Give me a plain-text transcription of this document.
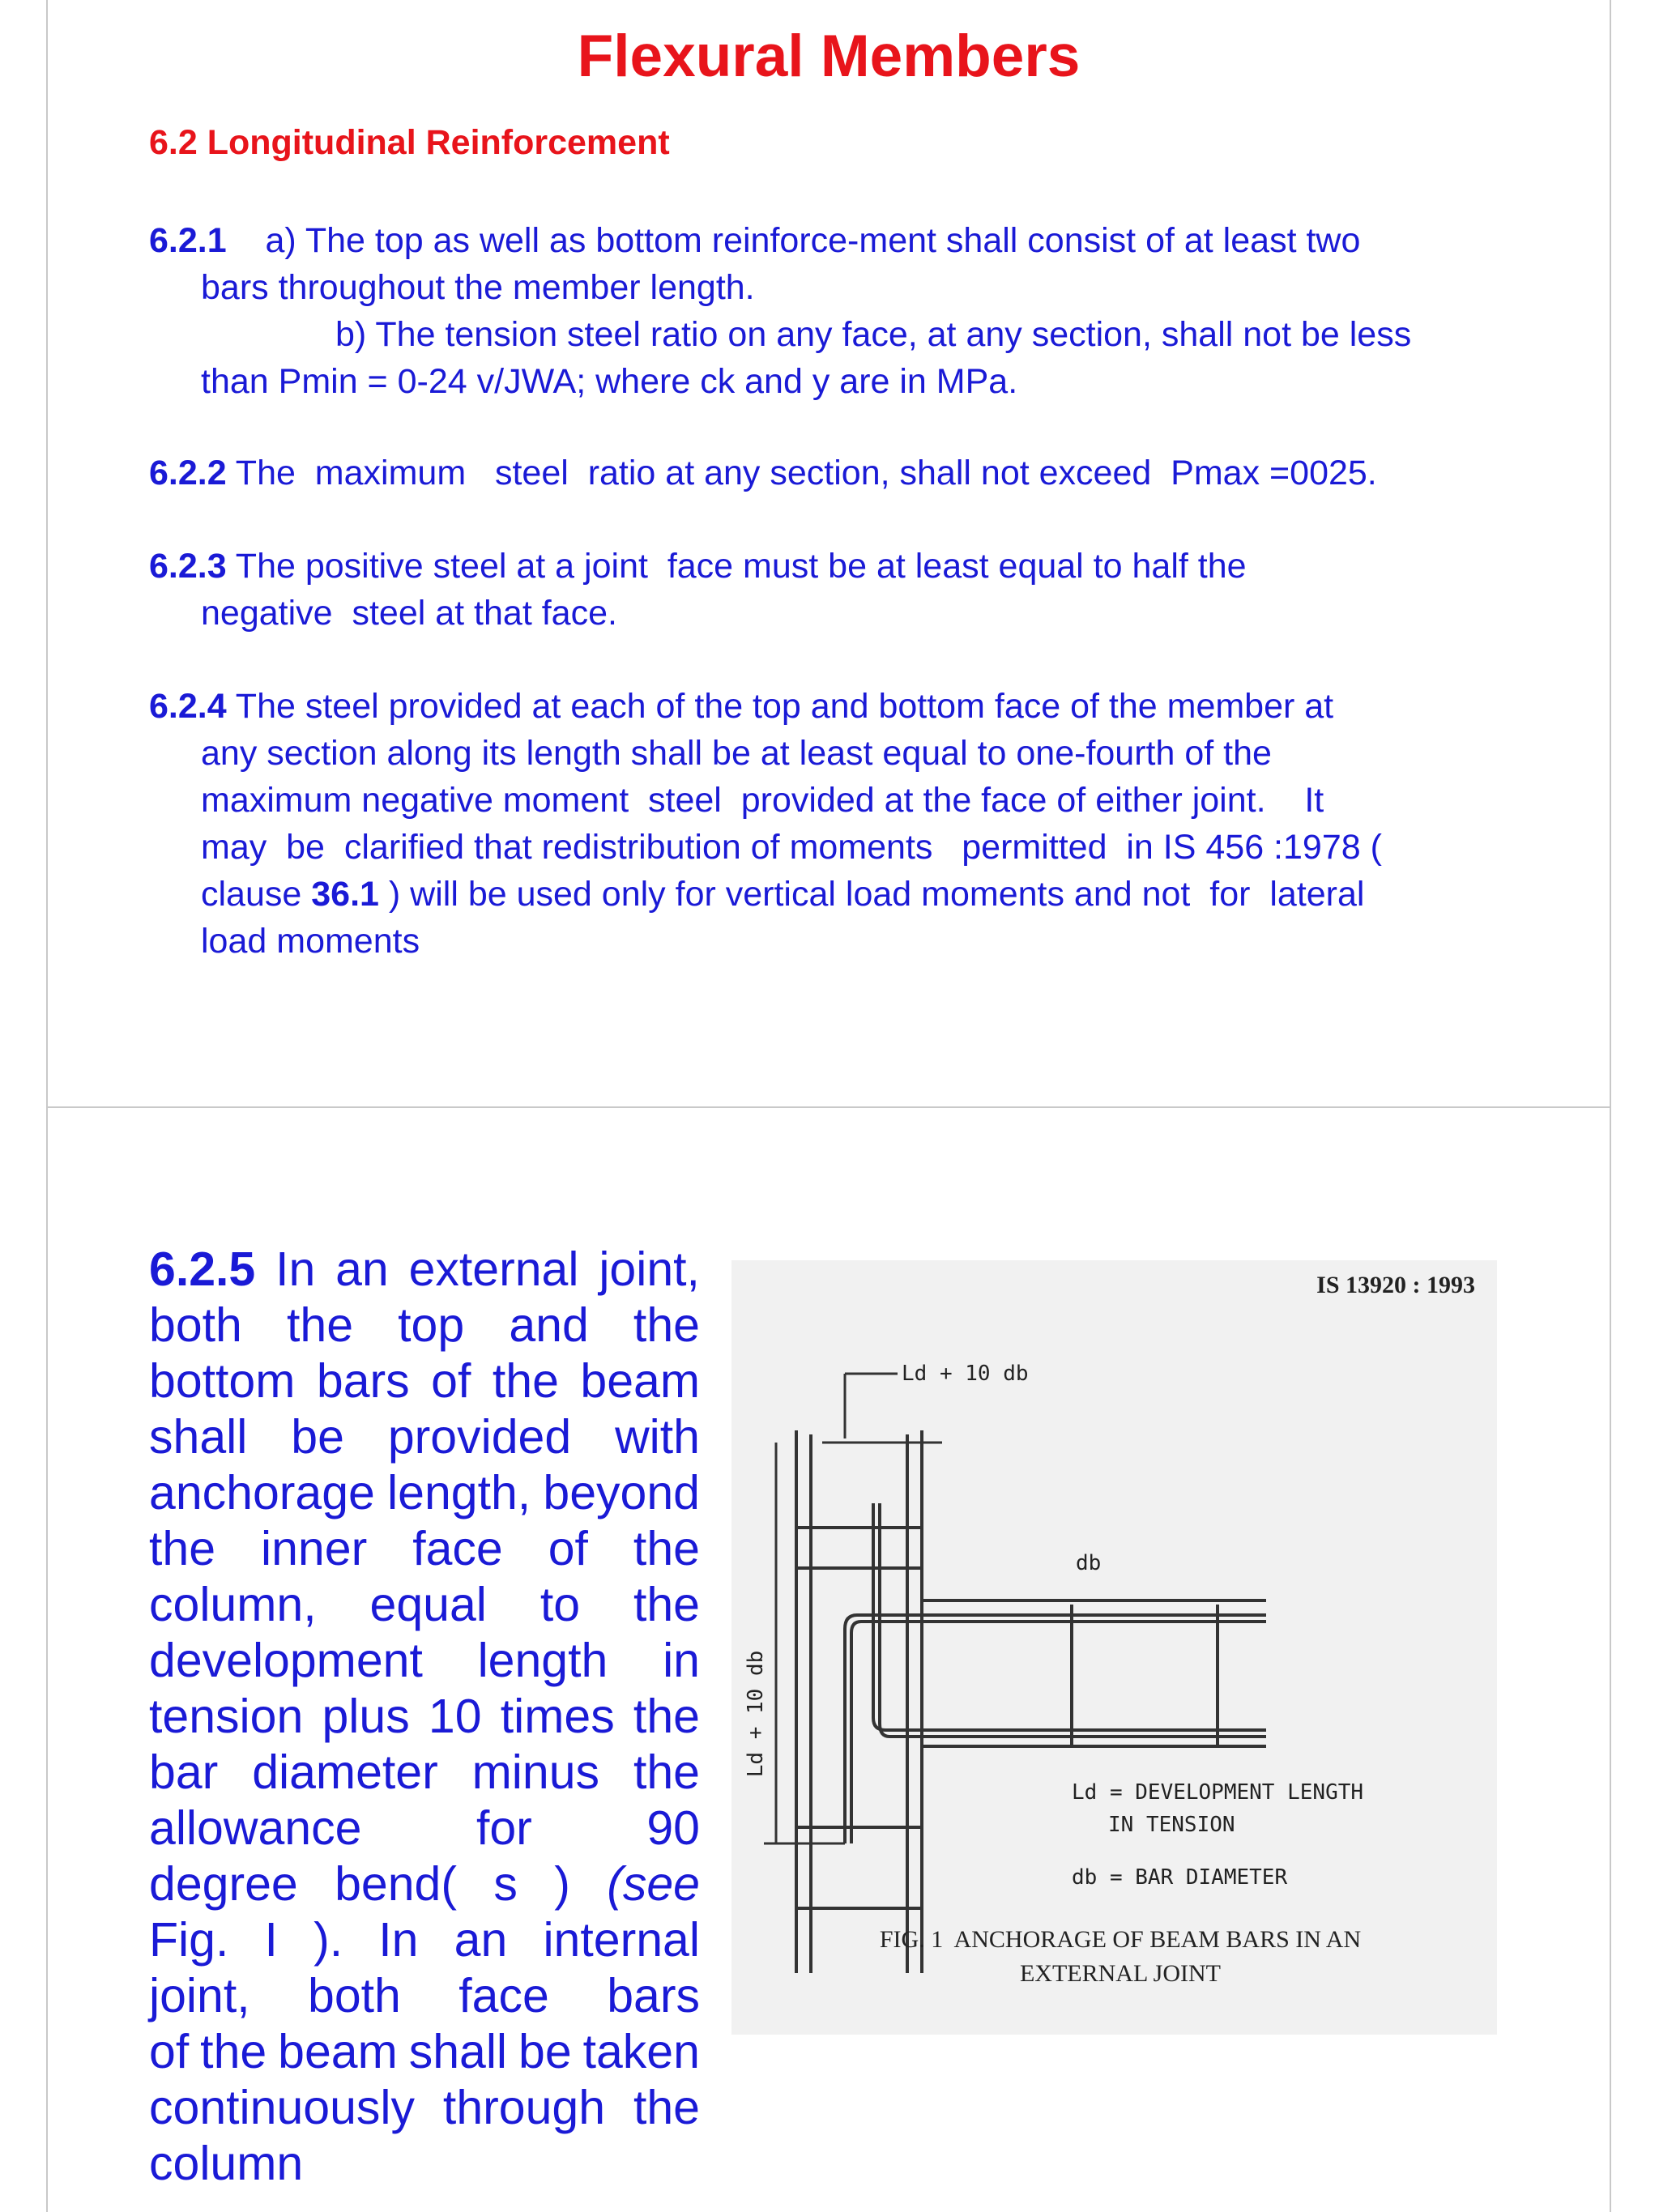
Flexural Members
6.2 Longitudinal Reinforcement

6.2.1 a) The top as well as bottom reinforce-ment shall consist of at least two
bars throughout the member length.
b) The tension steel ratio on any face, at any section, shall not be less
than Pmin = 0-24 v/JWA; where ck and y are in MPa.

6.2.2 The  maximum   steel  ratio at any section, shall not exceed  Pmax =0025.

6.2.3 The positive steel at a joint  face must be at least equal to half the
negative  steel at that face.

6.2.4 The steel provided at each of the top and bottom face of the member at
any section along its length shall be at least equal to one-fourth of the
maximum negative moment  steel  provided at the face of either joint.    It
may  be  clarified that redistribution of moments   permitted  in IS 456 :1978 (
clause 36.1 ) will be used only for vertical load moments and not  for  lateral
load moments

6.2.5 In an external joint,
both the top and the
bottom bars of the beam
shall be provided with
anchorage length, beyond
the inner face of the
column, equal to the
development length in
tension plus 10 times the
bar diameter minus the
allowance for 90
degree bend( s ) (see
Fig. I ). In an internal
joint, both face bars
of the beam shall be taken
continuously through the
column
IS 13920 : 1993
Ld + 10 db
Ld + 10 db
db
Ld = DEVELOPMENT LENGTH
IN TENSION
db = BAR DIAMETER
FIG. 1  ANCHORAGE OF BEAM BARS IN AN
EXTERNAL JOINT
